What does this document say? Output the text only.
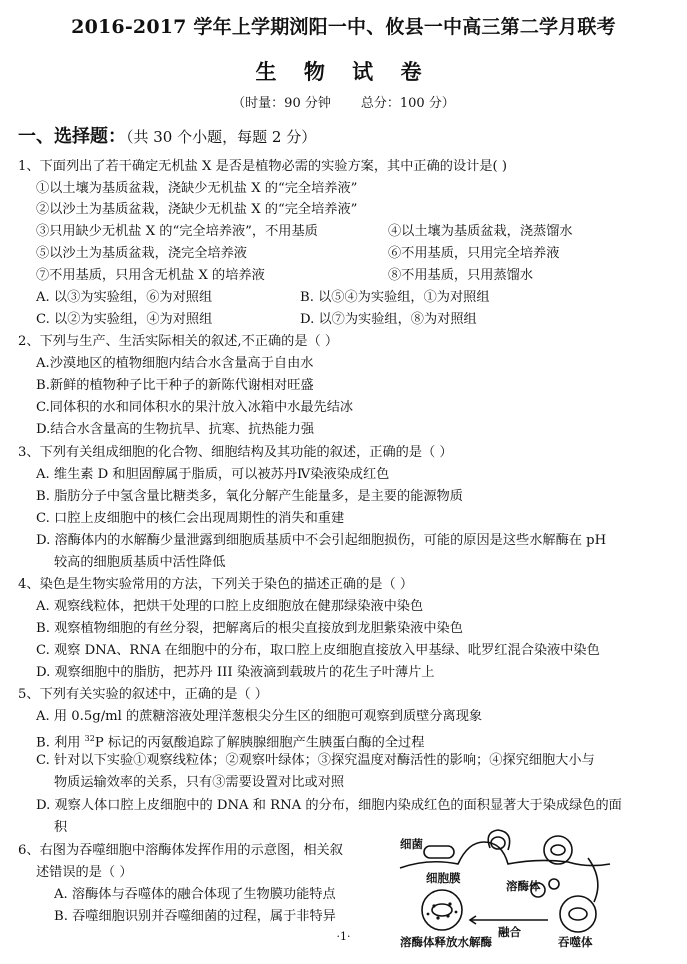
2016-2017 学年上学期浏阳一中、攸县一中高三第二学月联考
生 物 试 卷
（时量：90 分钟 总分：100 分）
一、选择题：（共 30 个小题，每题 2 分）
1、下面列出了若干确定无机盐 X 是否是植物必需的实验方案，其中正确的设计是( )
①以土壤为基质盆栽，浇缺少无机盐 X 的“完全培养液”
②以沙土为基质盆栽，浇缺少无机盐 X 的“完全培养液”
③只用缺少无机盐 X 的“完全培养液”，不用基质	④以土壤为基质盆栽，浇蒸馏水
⑤以沙土为基质盆栽，浇完全培养液	⑥不用基质，只用完全培养液
⑦不用基质，只用含无机盐 X 的培养液	⑧不用基质，只用蒸馏水
A. 以③为实验组，⑥为对照组	B. 以⑤④为实验组，①为对照组
C. 以②为实验组，④为对照组	D. 以⑦为实验组，⑧为对照组
2、下列与生产、生活实际相关的叙述,不正确的是（ ）
A.沙漠地区的植物细胞内结合水含量高于自由水
B.新鲜的植物种子比干种子的新陈代谢相对旺盛
C.同体积的水和同体积水的果汁放入冰箱中水最先结冰
D.结合水含量高的生物抗旱、抗寒、抗热能力强
3、下列有关组成细胞的化合物、细胞结构及其功能的叙述，正确的是（ ）
A. 维生素 D 和胆固醇属于脂质，可以被苏丹Ⅳ染液染成红色
B. 脂肪分子中氢含量比糖类多，氧化分解产生能量多，是主要的能源物质
C. 口腔上皮细胞中的核仁会出现周期性的消失和重建
D. 溶酶体内的水解酶少量泄露到细胞质基质中不会引起细胞损伤，可能的原因是这些水解酶在 pH
较高的细胞质基质中活性降低
4、染色是生物实验常用的方法，下列关于染色的描述正确的是（ ）
A. 观察线粒体，把烘干处理的口腔上皮细胞放在健那绿染液中染色
B. 观察植物细胞的有丝分裂，把解离后的根尖直接放到龙胆紫染液中染色
C. 观察 DNA、RNA 在细胞中的分布，取口腔上皮细胞直接放入甲基绿、吡罗红混合染液中染色
D. 观察细胞中的脂肪，把苏丹 III 染液滴到载玻片的花生子叶薄片上
5、下列有关实验的叙述中，正确的是（ ）
A. 用 0.5g/ml 的蔗糖溶液处理洋葱根尖分生区的细胞可观察到质壁分离现象
B. 利用 $^{32}$P 标记的丙氨酸追踪了解胰腺细胞产生胰蛋白酶的全过程
C. 针对以下实验①观察线粒体；②观察叶绿体；③探究温度对酶活性的影响；④探究细胞大小与
物质运输效率的关系，只有③需要设置对比或对照
D. 观察人体口腔上皮细胞中的 DNA 和 RNA 的分布，细胞内染成红色的面积显著大于染成绿色的面
积
6、右图为吞噬细胞中溶酶体发挥作用的示意图，相关叙
述错误的是（ ）
A. 溶酶体与吞噬体的融合体现了生物膜功能特点
B. 吞噬细胞识别并吞噬细菌的过程，属于非特异
细菌
细胞膜
溶酶体
融合
溶酶体释放水解酶	吞噬体
·1·
